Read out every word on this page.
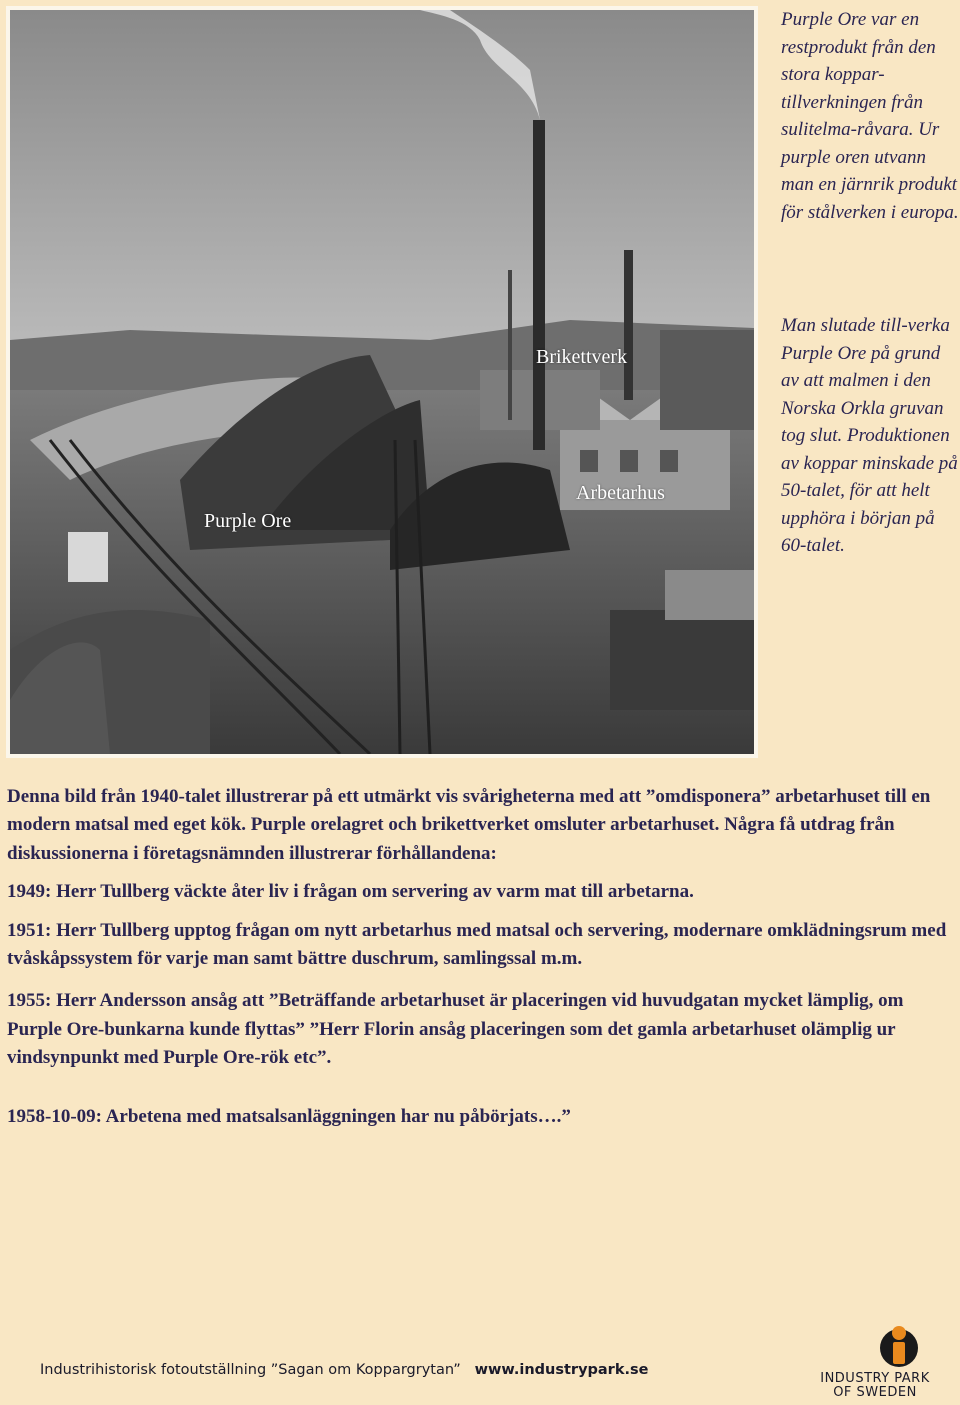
Purple Ore
Brikettverk
Arbetarhus

Purple Ore var en restprodukt från den stora koppar-tillverkningen från sulitelma-råvara. Ur purple oren utvann man en järnrik produkt för stålverken i europa.

Man slutade till-verka Purple Ore på grund av att malmen i den Norska Orkla gruvan tog slut. Produktionen av koppar minskade på 50-talet, för att helt upphöra i början på 60-talet.

Denna bild från 1940-talet illustrerar på ett utmärkt vis svårigheterna med att ”omdisponera” arbetarhuset till en modern matsal med eget kök. Purple orelagret och brikettverket omsluter arbetarhuset. Några få utdrag från diskussionerna i företagsnämnden illustrerar förhållandena:

1949: Herr Tullberg väckte åter liv i frågan om servering av varm mat till arbetarna.

1951: Herr Tullberg upptog frågan om nytt arbetarhus med matsal och servering, modernare omklädningsrum med tvåskåpssystem för varje man samt bättre duschrum, samlingssal m.m.

1955: Herr Andersson ansåg att ”Beträffande arbetarhuset är placeringen vid huvudgatan mycket lämplig, om Purple Ore-bunkarna kunde flyttas” ”Herr Florin ansåg placeringen som det gamla arbetarhuset olämplig ur vindsynpunkt med Purple Ore-rök etc”.

1958-10-09: Arbetena med matsalsanläggningen har nu påbörjats….”

Industrihistorisk fotoutställning ”Sagan om Koppargrytan” www.industrypark.se
INDUSTRY PARK
OF SWEDEN
